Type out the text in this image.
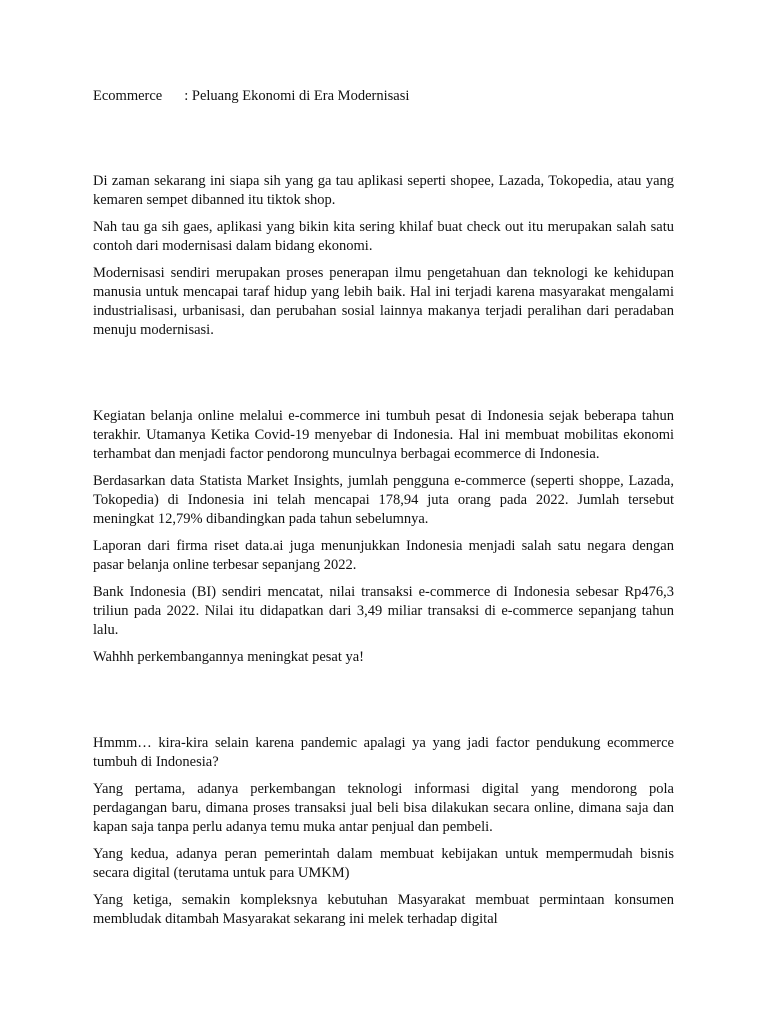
Ecommerce : Peluang Ekonomi di Era Modernisasi

Di zaman sekarang ini siapa sih yang ga tau aplikasi seperti shopee, Lazada, Tokopedia, atau yang kemaren sempet dibanned itu tiktok shop.

Nah tau ga sih gaes, aplikasi yang bikin kita sering khilaf buat check out itu merupakan salah satu contoh dari modernisasi dalam bidang ekonomi.

Modernisasi sendiri merupakan proses penerapan ilmu pengetahuan dan teknologi ke kehidupan manusia untuk mencapai taraf hidup yang lebih baik. Hal ini terjadi karena masyarakat mengalami industrialisasi, urbanisasi, dan perubahan sosial lainnya makanya terjadi peralihan dari peradaban menuju modernisasi.

Kegiatan belanja online melalui e-commerce ini tumbuh pesat di Indonesia sejak beberapa tahun terakhir. Utamanya Ketika Covid-19 menyebar di Indonesia. Hal ini membuat mobilitas ekonomi terhambat dan menjadi factor pendorong munculnya berbagai ecommerce di Indonesia.

Berdasarkan data Statista Market Insights, jumlah pengguna e-commerce (seperti shoppe, Lazada, Tokopedia) di Indonesia ini telah mencapai 178,94 juta orang pada 2022. Jumlah tersebut meningkat 12,79% dibandingkan pada tahun sebelumnya.

Laporan dari firma riset data.ai juga menunjukkan Indonesia menjadi salah satu negara dengan pasar belanja online terbesar sepanjang 2022.

Bank Indonesia (BI) sendiri mencatat, nilai transaksi e-commerce di Indonesia sebesar Rp476,3 triliun pada 2022. Nilai itu didapatkan dari 3,49 miliar transaksi di e-commerce sepanjang tahun lalu.

Wahhh perkembangannya meningkat pesat ya!

Hmmm… kira-kira selain karena pandemic apalagi ya yang jadi factor pendukung ecommerce tumbuh di Indonesia?

Yang pertama, adanya perkembangan teknologi informasi digital yang mendorong pola perdagangan baru, dimana proses transaksi jual beli bisa dilakukan secara online, dimana saja dan kapan saja tanpa perlu adanya temu muka antar penjual dan pembeli.

Yang kedua, adanya peran pemerintah dalam membuat kebijakan untuk mempermudah bisnis secara digital (terutama untuk para UMKM)

Yang ketiga, semakin kompleksnya kebutuhan Masyarakat membuat permintaan konsumen membludak ditambah Masyarakat sekarang ini melek terhadap digital
